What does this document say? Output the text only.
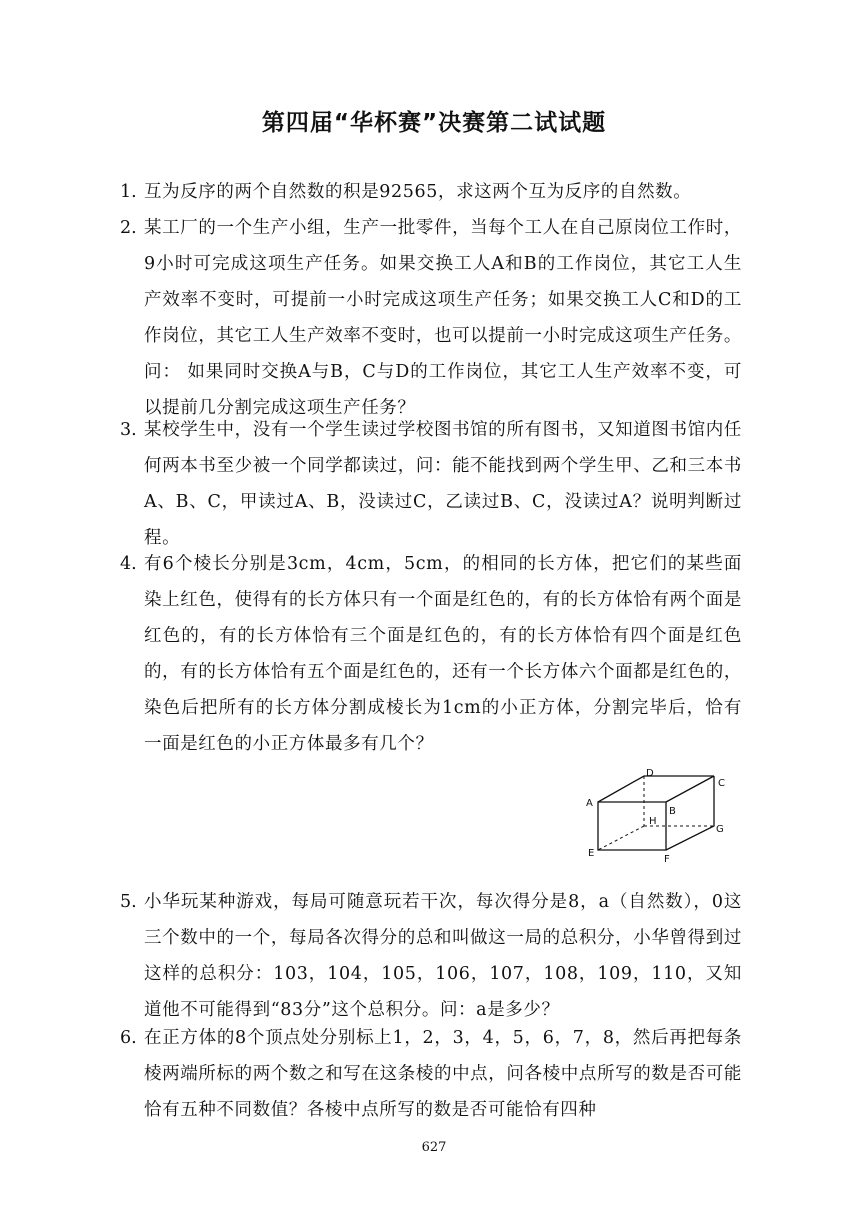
第四届“华杯赛”决赛第二试试题
1. 互为反序的两个自然数的积是92565，求这两个互为反序的自然数。
2. 某工厂的一个生产小组，生产一批零件，当每个工人在自己原岗位工作时，9小时可完成这项生产任务。如果交换工人A和B的工作岗位，其它工人生产效率不变时，可提前一小时完成这项生产任务；如果交换工人C和D的工作岗位，其它工人生产效率不变时，也可以提前一小时完成这项生产任务。问： 如果同时交换A与B，C与D的工作岗位，其它工人生产效率不变，可以提前几分割完成这项生产任务？
3. 某校学生中，没有一个学生读过学校图书馆的所有图书，又知道图书馆内任何两本书至少被一个同学都读过，问：能不能找到两个学生甲、乙和三本书A、B、C，甲读过A、B，没读过C，乙读过B、C，没读过A？说明判断过程。
4. 有6个棱长分别是3cm，4cm，5cm，的相同的长方体，把它们的某些面染上红色，使得有的长方体只有一个面是红色的，有的长方体恰有两个面是红色的，有的长方体恰有三个面是红色的，有的长方体恰有四个面是红色的，有的长方体恰有五个面是红色的，还有一个长方体六个面都是红色的，染色后把所有的长方体分割成棱长为1cm的小正方体，分割完毕后，恰有一面是红色的小正方体最多有几个？
A
B
C
D
E
F
G
H
5. 小华玩某种游戏，每局可随意玩若干次，每次得分是8，a（自然数），0这三个数中的一个，每局各次得分的总和叫做这一局的总积分，小华曾得到过这样的总积分：103，104，105，106，107，108，109，110，又知道他不可能得到“83分”这个总积分。问：a是多少？
6. 在正方体的8个顶点处分别标上1，2，3，4，5，6，7，8，然后再把每条棱两端所标的两个数之和写在这条棱的中点，问各棱中点所写的数是否可能恰有五种不同数值？各棱中点所写的数是否可能恰有四种
627
